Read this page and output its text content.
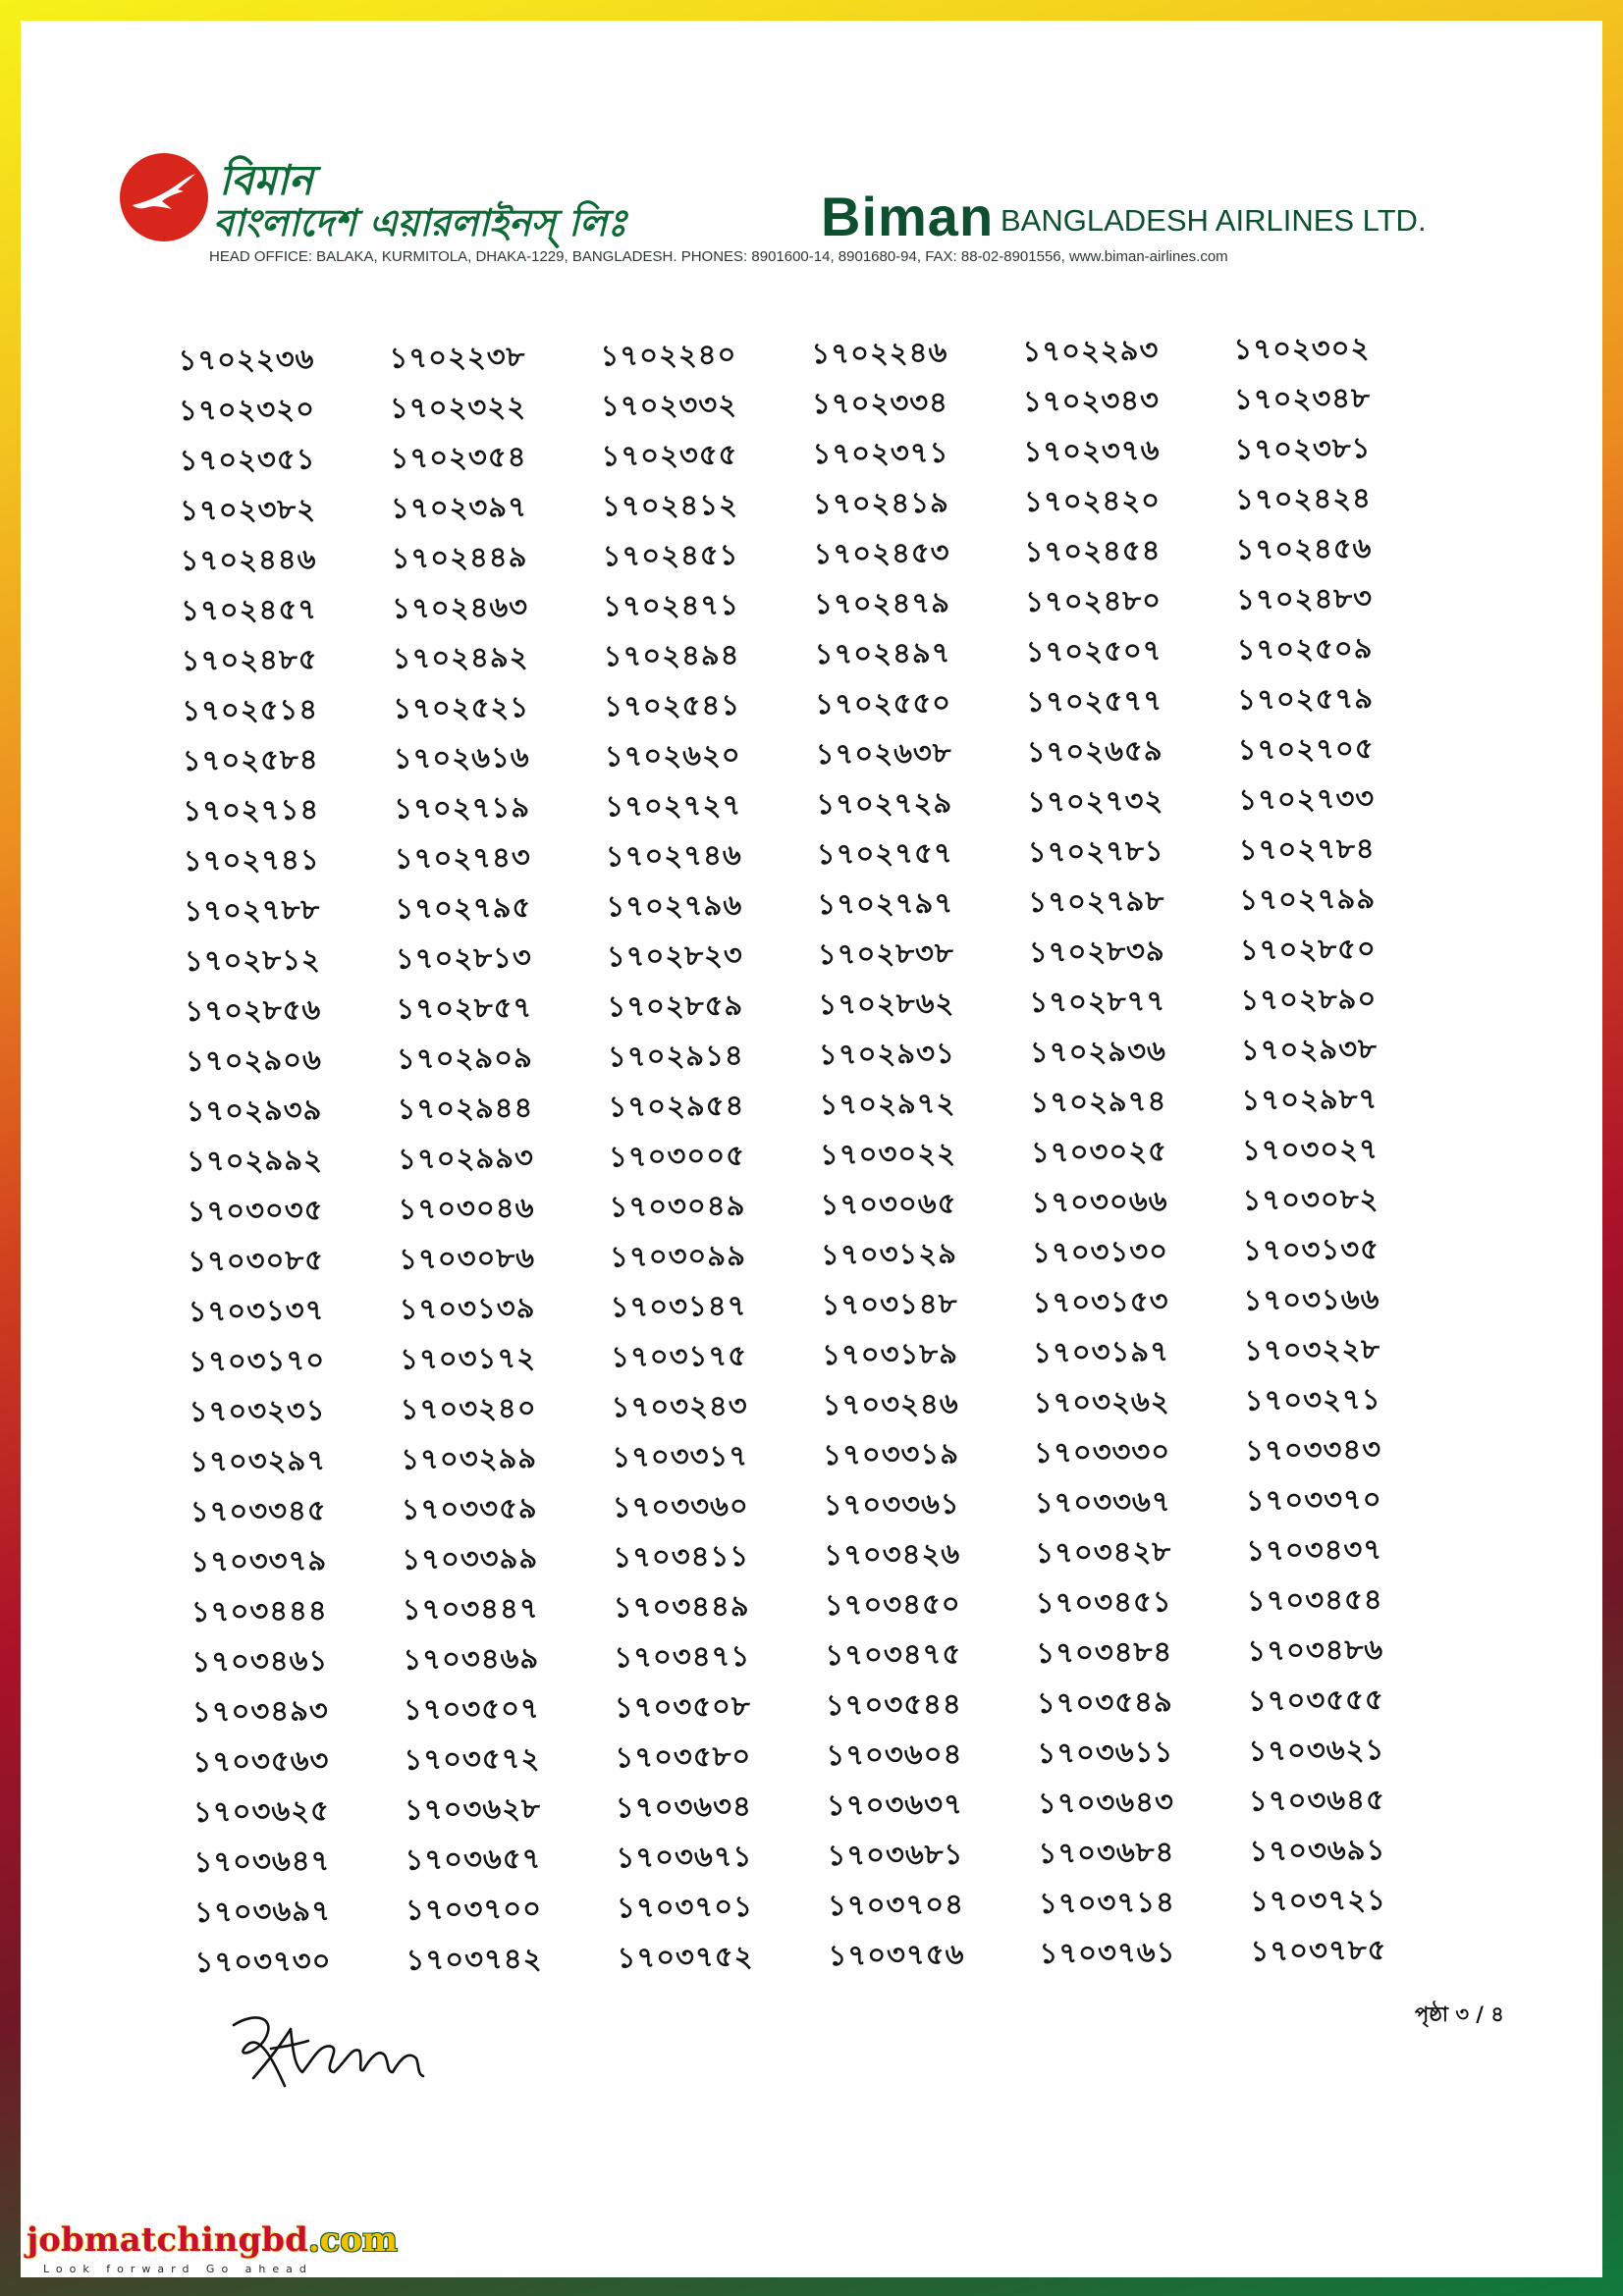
বিমান
বাংলাদেশ এয়ারলাইনস্ লিঃ	Biman BANGLADESH AIRLINES LTD.
HEAD OFFICE: BALAKA, KURMITOLA, DHAKA-1229, BANGLADESH. PHONES: 8901600-14, 8901680-94, FAX: 88-02-8901556, www.biman-airlines.com
১৭০২২৩৬	১৭০২২৩৮	১৭০২২৪০	১৭০২২৪৬	১৭০২২৯৩	১৭০২৩০২
১৭০২৩২০	১৭০২৩২২	১৭০২৩৩২	১৭০২৩৩৪	১৭০২৩৪৩	১৭০২৩৪৮
১৭০২৩৫১	১৭০২৩৫৪	১৭০২৩৫৫	১৭০২৩৭১	১৭০২৩৭৬	১৭০২৩৮১
১৭০২৩৮২	১৭০২৩৯৭	১৭০২৪১২	১৭০২৪১৯	১৭০২৪২০	১৭০২৪২৪
১৭০২৪৪৬	১৭০২৪৪৯	১৭০২৪৫১	১৭০২৪৫৩	১৭০২৪৫৪	১৭০২৪৫৬
১৭০২৪৫৭	১৭০২৪৬৩	১৭০২৪৭১	১৭০২৪৭৯	১৭০২৪৮০	১৭০২৪৮৩
১৭০২৪৮৫	১৭০২৪৯২	১৭০২৪৯৪	১৭০২৪৯৭	১৭০২৫০৭	১৭০২৫০৯
১৭০২৫১৪	১৭০২৫২১	১৭০২৫৪১	১৭০২৫৫০	১৭০২৫৭৭	১৭০২৫৭৯
১৭০২৫৮৪	১৭০২৬১৬	১৭০২৬২০	১৭০২৬৩৮	১৭০২৬৫৯	১৭০২৭০৫
১৭০২৭১৪	১৭০২৭১৯	১৭০২৭২৭	১৭০২৭২৯	১৭০২৭৩২	১৭০২৭৩৩
১৭০২৭৪১	১৭০২৭৪৩	১৭০২৭৪৬	১৭০২৭৫৭	১৭০২৭৮১	১৭০২৭৮৪
১৭০২৭৮৮	১৭০২৭৯৫	১৭০২৭৯৬	১৭০২৭৯৭	১৭০২৭৯৮	১৭০২৭৯৯
১৭০২৮১২	১৭০২৮১৩	১৭০২৮২৩	১৭০২৮৩৮	১৭০২৮৩৯	১৭০২৮৫০
১৭০২৮৫৬	১৭০২৮৫৭	১৭০২৮৫৯	১৭০২৮৬২	১৭০২৮৭৭	১৭০২৮৯০
১৭০২৯০৬	১৭০২৯০৯	১৭০২৯১৪	১৭০২৯৩১	১৭০২৯৩৬	১৭০২৯৩৮
১৭০২৯৩৯	১৭০২৯৪৪	১৭০২৯৫৪	১৭০২৯৭২	১৭০২৯৭৪	১৭০২৯৮৭
১৭০২৯৯২	১৭০২৯৯৩	১৭০৩০০৫	১৭০৩০২২	১৭০৩০২৫	১৭০৩০২৭
১৭০৩০৩৫	১৭০৩০৪৬	১৭০৩০৪৯	১৭০৩০৬৫	১৭০৩০৬৬	১৭০৩০৮২
১৭০৩০৮৫	১৭০৩০৮৬	১৭০৩০৯৯	১৭০৩১২৯	১৭০৩১৩০	১৭০৩১৩৫
১৭০৩১৩৭	১৭০৩১৩৯	১৭০৩১৪৭	১৭০৩১৪৮	১৭০৩১৫৩	১৭০৩১৬৬
১৭০৩১৭০	১৭০৩১৭২	১৭০৩১৭৫	১৭০৩১৮৯	১৭০৩১৯৭	১৭০৩২২৮
১৭০৩২৩১	১৭০৩২৪০	১৭০৩২৪৩	১৭০৩২৪৬	১৭০৩২৬২	১৭০৩২৭১
১৭০৩২৯৭	১৭০৩২৯৯	১৭০৩৩১৭	১৭০৩৩১৯	১৭০৩৩৩০	১৭০৩৩৪৩
১৭০৩৩৪৫	১৭০৩৩৫৯	১৭০৩৩৬০	১৭০৩৩৬১	১৭০৩৩৬৭	১৭০৩৩৭০
১৭০৩৩৭৯	১৭০৩৩৯৯	১৭০৩৪১১	১৭০৩৪২৬	১৭০৩৪২৮	১৭০৩৪৩৭
১৭০৩৪৪৪	১৭০৩৪৪৭	১৭০৩৪৪৯	১৭০৩৪৫০	১৭০৩৪৫১	১৭০৩৪৫৪
১৭০৩৪৬১	১৭০৩৪৬৯	১৭০৩৪৭১	১৭০৩৪৭৫	১৭০৩৪৮৪	১৭০৩৪৮৬
১৭০৩৪৯৩	১৭০৩৫০৭	১৭০৩৫০৮	১৭০৩৫৪৪	১৭০৩৫৪৯	১৭০৩৫৫৫
১৭০৩৫৬৩	১৭০৩৫৭২	১৭০৩৫৮০	১৭০৩৬০৪	১৭০৩৬১১	১৭০৩৬২১
১৭০৩৬২৫	১৭০৩৬২৮	১৭০৩৬৩৪	১৭০৩৬৩৭	১৭০৩৬৪৩	১৭০৩৬৪৫
১৭০৩৬৪৭	১৭০৩৬৫৭	১৭০৩৬৭১	১৭০৩৬৮১	১৭০৩৬৮৪	১৭০৩৬৯১
১৭০৩৬৯৭	১৭০৩৭০০	১৭০৩৭০১	১৭০৩৭০৪	১৭০৩৭১৪	১৭০৩৭২১
১৭০৩৭৩০	১৭০৩৭৪২	১৭০৩৭৫২	১৭০৩৭৫৬	১৭০৩৭৬১	১৭০৩৭৮৫
পৃষ্ঠা ৩ / ৪
jobmatchingbd.com
Look forward Go ahead
